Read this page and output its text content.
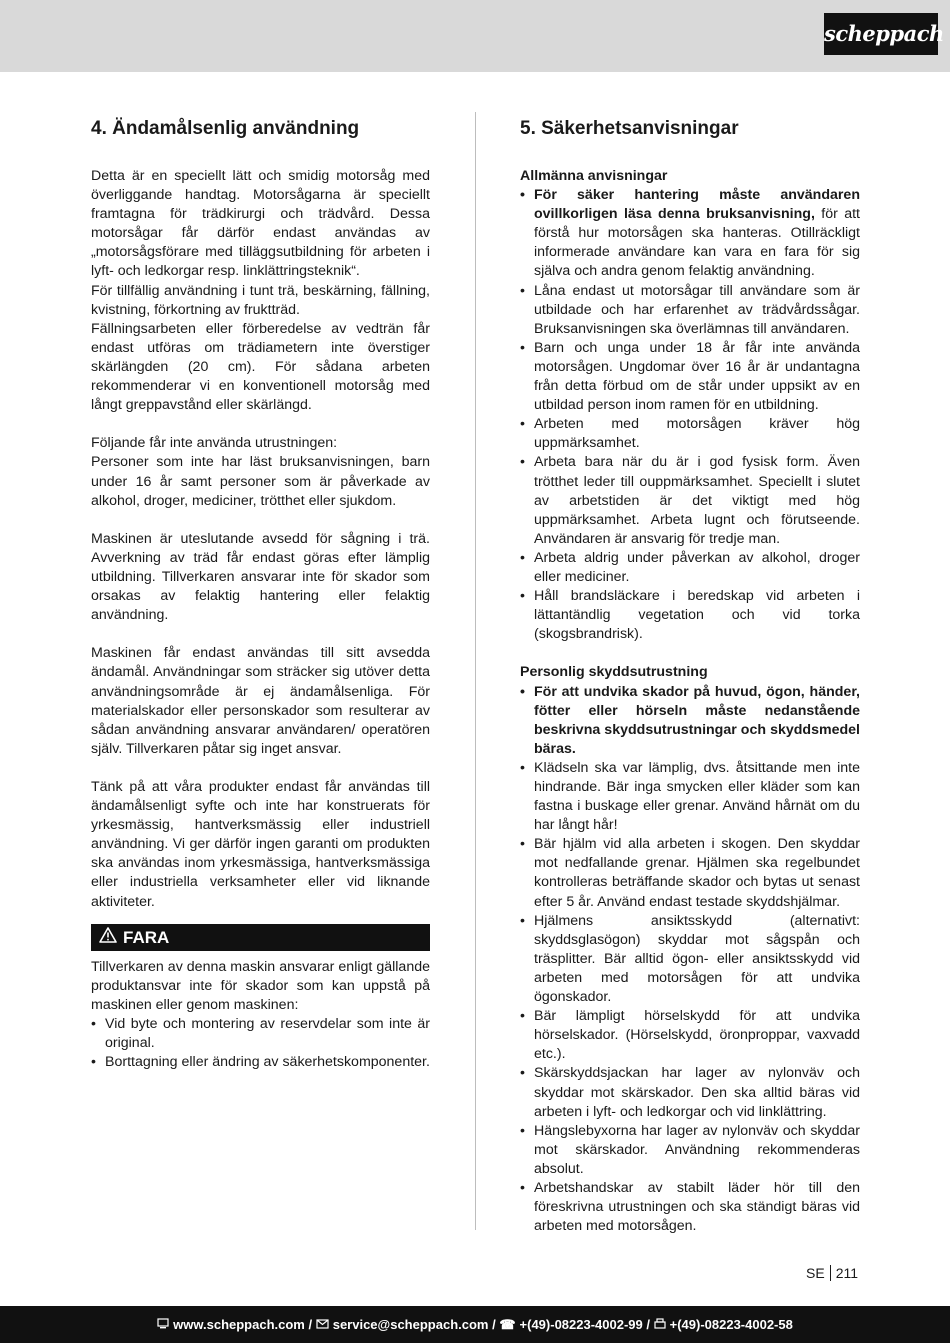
scheppach
4. Ändamålsenlig användning

Detta är en speciellt lätt och smidig motorsåg med överliggande handtag. Motorsågarna är speciellt framtagna för trädkirurgi och trädvård. Dessa motorsågar får därför endast användas av „motorsågsförare med tilläggsutbildning för arbeten i lyft- och ledkorgar resp. linklättringsteknik“.

För tillfällig användning i tunt trä, beskärning, fällning, kvistning, förkortning av fruktträd.

Fällningsarbeten eller förberedelse av vedträn får endast utföras om trädiametern inte överstiger skärlängden (20 cm). För sådana arbeten rekommenderar vi en konventionell motorsåg med långt greppavstånd eller skärlängd.

Följande får inte använda utrustningen:

Personer som inte har läst bruksanvisningen, barn under 16 år samt personer som är påverkade av alkohol, droger, mediciner, trötthet eller sjukdom.

Maskinen är uteslutande avsedd för sågning i trä. Avverkning av träd får endast göras efter lämplig utbildning. Tillverkaren ansvarar inte för skador som orsakas av felaktig hantering eller felaktig användning.

Maskinen får endast användas till sitt avsedda ändamål. Användningar som sträcker sig utöver detta användningsområde är ej ändamålsenliga. För materialskador eller personskador som resulterar av sådan användning ansvarar användaren/ operatören själv. Tillverkaren påtar sig inget ansvar.

Tänk på att våra produkter endast får användas till ändamålsenligt syfte och inte har konstruerats för yrkesmässig, hantverksmässig eller industriell användning. Vi ger därför ingen garanti om produkten ska användas inom yrkesmässiga, hantverksmässiga eller industriella verksamheter eller vid liknande aktiviteter.

FARA

Tillverkaren av denna maskin ansvarar enligt gällande produktansvar inte för skador som kan uppstå på maskinen eller genom maskinen:

• Vid byte och montering av reservdelar som inte är original.
• Borttagning eller ändring av säkerhetskomponenter.
5. Säkerhetsanvisningar
Allmänna anvisningar
• För säker hantering måste användaren ovillkorligen läsa denna bruksanvisning, för att förstå hur motorsågen ska hanteras. Otillräckligt informerade användare kan vara en fara för sig själva och andra genom felaktig användning.
• Låna endast ut motorsågar till användare som är utbildade och har erfarenhet av trädvårdssågar. Bruksanvisningen ska överlämnas till användaren.
• Barn och unga under 18 år får inte använda motorsågen. Ungdomar över 16 år är undantagna från detta förbud om de står under uppsikt av en utbildad person inom ramen för en utbildning.
• Arbeten med motorsågen kräver hög uppmärksamhet.
• Arbeta bara när du är i god fysisk form. Även trötthet leder till ouppmärksamhet. Speciellt i slutet av arbetstiden är det viktigt med hög uppmärksamhet. Arbeta lugnt och förutseende. Användaren är ansvarig för tredje man.
• Arbeta aldrig under påverkan av alkohol, droger eller mediciner.
• Håll brandsläckare i beredskap vid arbeten i lättantändlig vegetation och vid torka (skogsbrandrisk).
Personlig skyddsutrustning
• För att undvika skador på huvud, ögon, händer, fötter eller hörseln måste nedanstående beskrivna skyddsutrustningar och skyddsmedel bäras.
• Klädseln ska var lämplig, dvs. åtsittande men inte hindrande. Bär inga smycken eller kläder som kan fastna i buskage eller grenar. Använd hårnät om du har långt hår!
• Bär hjälm vid alla arbeten i skogen. Den skyddar mot nedfallande grenar. Hjälmen ska regelbundet kontrolleras beträffande skador och bytas ut senast efter 5 år. Använd endast testade skyddshjälmar.
• Hjälmens ansiktsskydd (alternativt: skyddsglasögon) skyddar mot sågspån och träsplitter. Bär alltid ögon- eller ansiktsskydd vid arbeten med motorsågen för att undvika ögonskador.
• Bär lämpligt hörselskydd för att undvika hörselskador. (Hörselskydd, öronproppar, vaxvadd etc.).
• Skärskyddsjackan har lager av nylonväv och skyddar mot skärskador. Den ska alltid bäras vid arbeten i lyft- och ledkorgar och vid linklättring.
• Hängslebyxorna har lager av nylonväv och skyddar mot skärskador. Användning rekommenderas absolut.
• Arbetshandskar av stabilt läder hör till den föreskrivna utrustningen och ska ständigt bäras vid arbeten med motorsågen.
SE 211
www.scheppach.com /
service@scheppach.com /
☎ +(49)-08223-4002-99 /
+(49)-08223-4002-58
